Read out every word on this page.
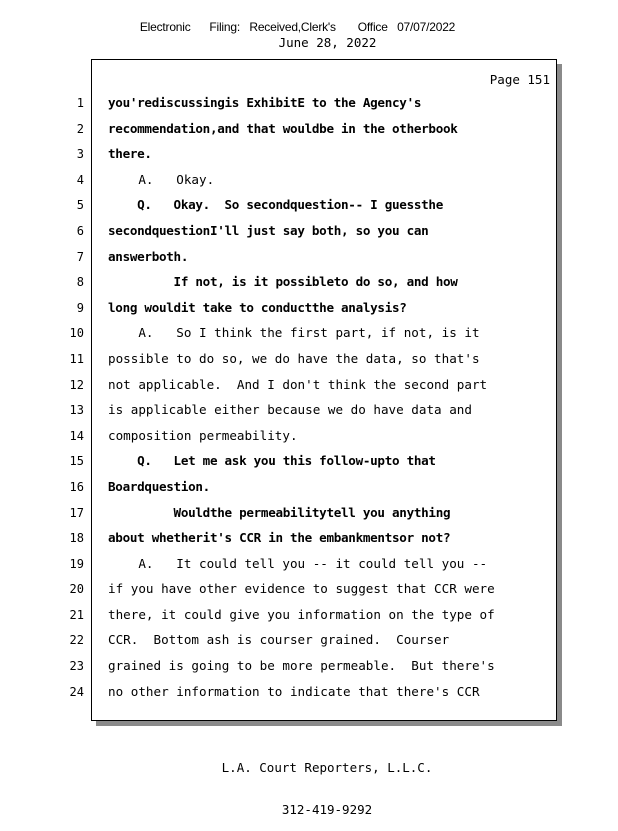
Electronic      Filing:   Received,Clerk's       Office   07/07/2022
June 28, 2022
Page 151
1
2
3
4
5
6
7
8
9
10
11
12
13
14
15
16
17
18
19
20
21
22
23
24
you'rediscussingis ExhibitE to the Agency's
recommendation,and that wouldbe in the otherbook
there.
A.   Okay.
Q.   Okay.  So secondquestion-- I guessthe
secondquestionI'll just say both, so you can
answerboth.
If not, is it possibleto do so, and how
long wouldit take to conductthe analysis?
A.   So I think the first part, if not, is it
possible to do so, we do have the data, so that's
not applicable.  And I don't think the second part
is applicable either because we do have data and
composition permeability.
Q.   Let me ask you this follow-upto that
Boardquestion.
Wouldthe permeabilitytell you anything
about whetherit's CCR in the embankmentsor not?
A.   It could tell you -- it could tell you --
if you have other evidence to suggest that CCR were
there, it could give you information on the type of
CCR.  Bottom ash is courser grained.  Courser
grained is going to be more permeable.  But there's
no other information to indicate that there's CCR

L.A. Court Reporters, L.L.C.

312-419-9292
